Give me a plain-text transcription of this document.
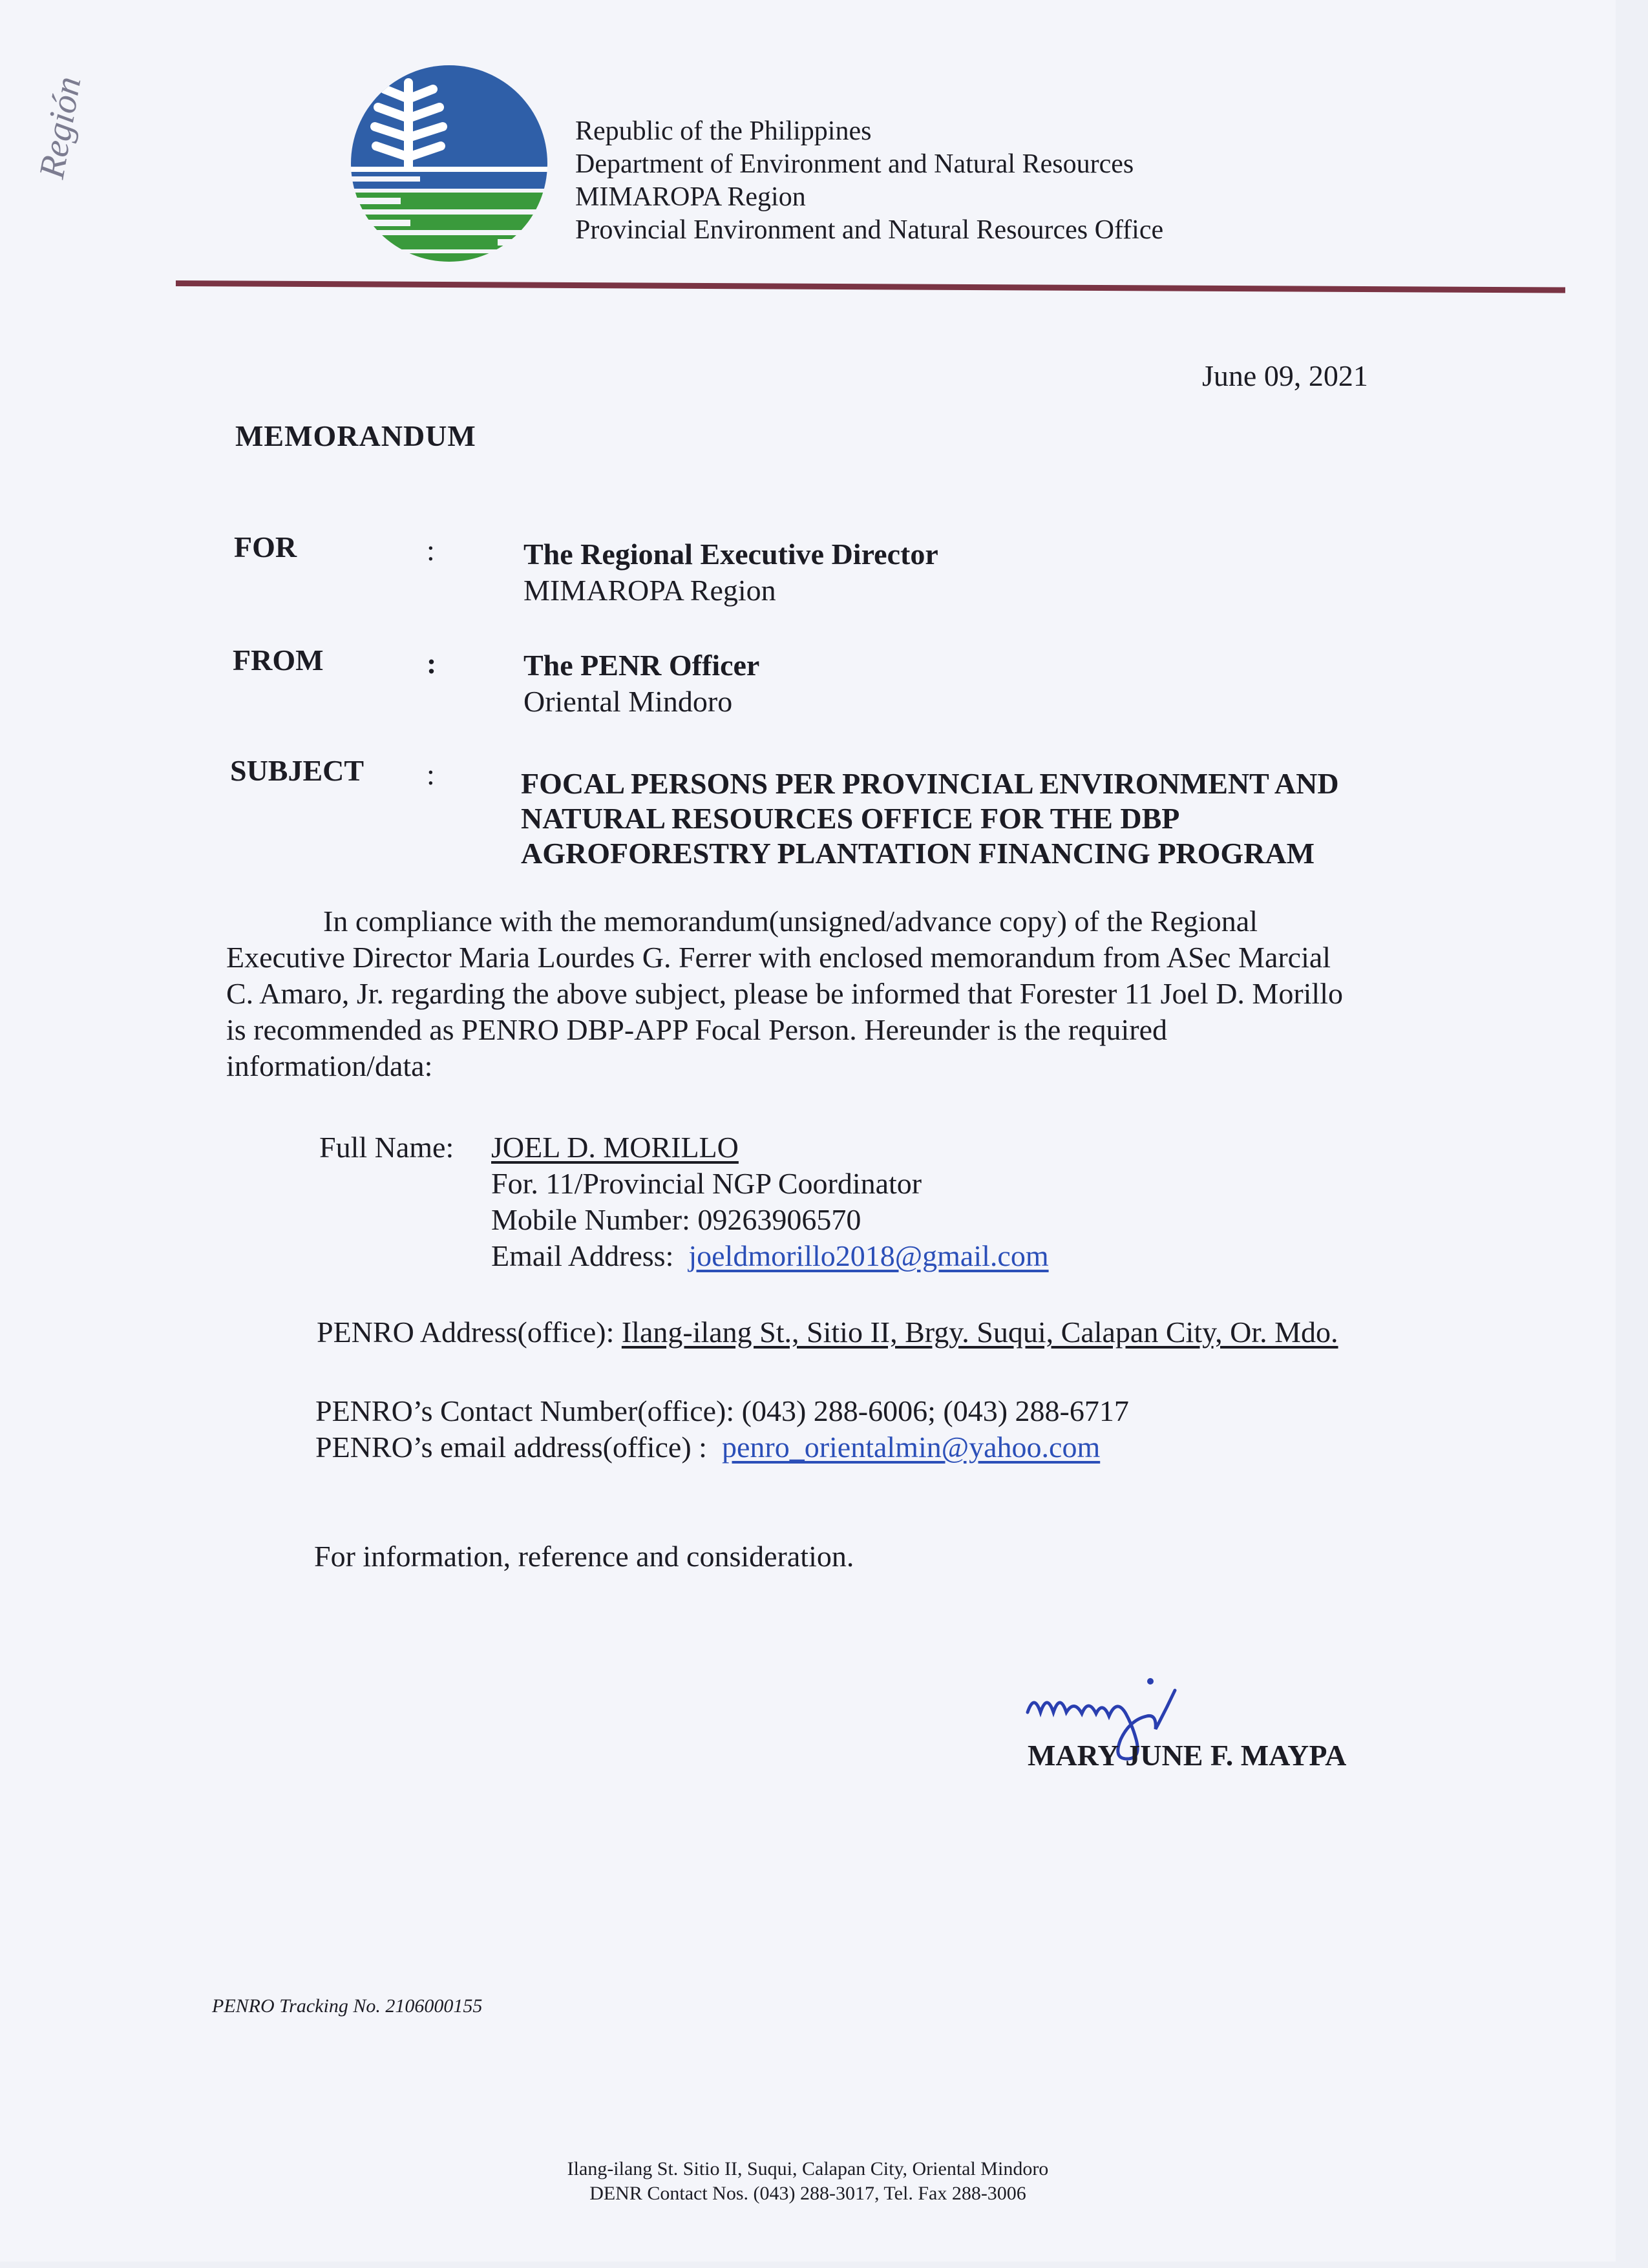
Republic of the Philippines
Department of Environment and Natural Resources
MIMAROPA Region
Provincial Environment and Natural Resources Office
Región
June 09, 2021
MEMORANDUM
FOR	:	The Regional Executive Director
MIMAROPA Region
FROM	:	The PENR Officer
Oriental Mindoro
SUBJECT :	FOCAL PERSONS PER PROVINCIAL ENVIRONMENT AND
NATURAL RESOURCES OFFICE FOR THE DBP
AGROFORESTRY PLANTATION FINANCING PROGRAM
In compliance with the memorandum(unsigned/advance copy) of the Regional
Executive Director Maria Lourdes G. Ferrer with enclosed memorandum from ASec Marcial
C. Amaro, Jr. regarding the above subject, please be informed that Forester 11 Joel D. Morillo
is recommended as PENRO DBP-APP Focal Person. Hereunder is the required
information/data:
Full Name: JOEL D. MORILLO
For. 11/Provincial NGP Coordinator
Mobile Number: 09263906570
Email Address: joeldmorillo2018@gmail.com
PENRO Address(office): Ilang-ilang St., Sitio II, Brgy. Suqui, Calapan City, Or. Mdo.
PENRO’s Contact Number(office): (043) 288-6006; (043) 288-6717
PENRO’s email address(office) : penro_orientalmin@yahoo.com
For information, reference and consideration.
MARY JUNE F. MAYPA
PENRO Tracking No. 2106000155
Ilang-ilang St. Sitio II, Suqui, Calapan City, Oriental Mindoro
DENR Contact Nos. (043) 288-3017, Tel. Fax 288-3006
